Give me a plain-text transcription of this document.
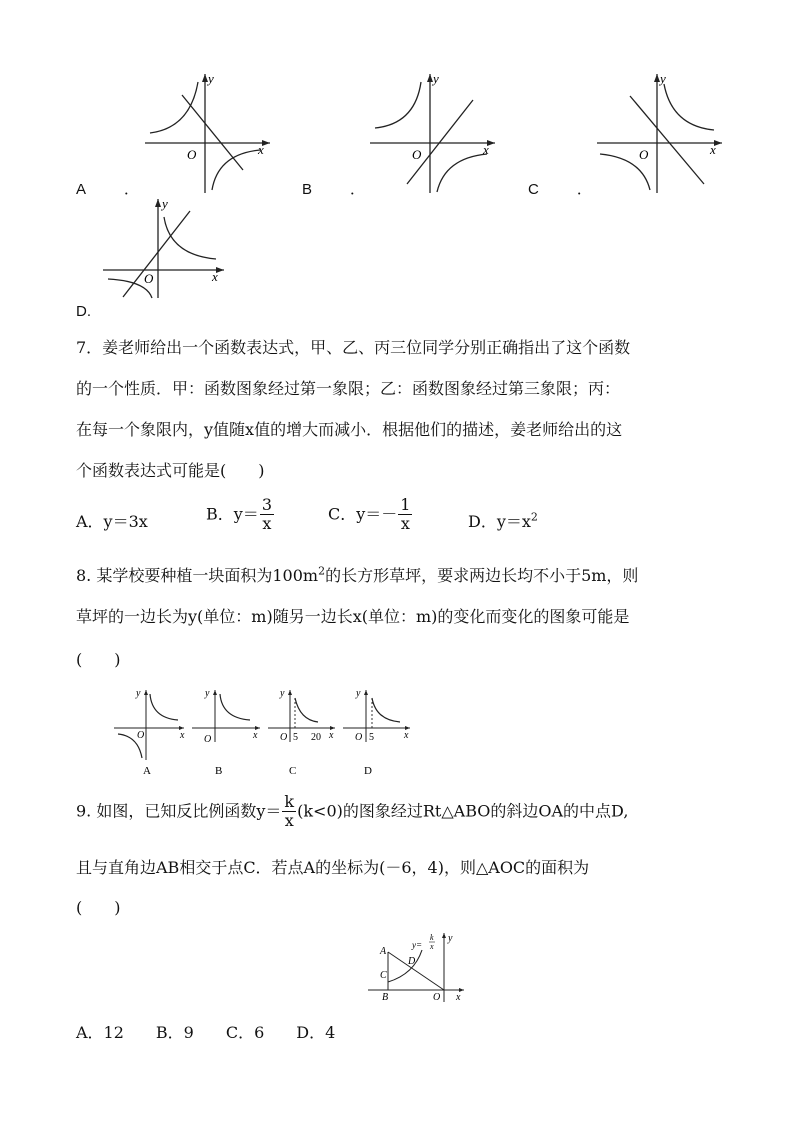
y
x
O
A	．
y
x
O
B	．
y
x
O
C	．
y
x
O
D.
7．姜老师给出一个函数表达式，甲、乙、丙三位同学分别正确指出了这个函数
的一个性质．甲：函数图象经过第一象限；乙：函数图象经过第三象限；丙：
在每一个象限内，y值随x值的增大而减小．根据他们的描述，姜老师给出的这
个函数表达式可能是(　　)
A．y＝3x	B．$y= \frac{3}{x}$	C．$y=- \frac{1}{x}$	D．$y=x^2$
8. 某学校要种植一块面积为$100m^2$的长方形草坪，要求两边长均不小于5m，则
草坪的一边长为y(单位：m)随另一边长x(单位：m)的变化而变化的图象可能是
(　　)
y
x
O
A
y
x
O
B
y
x
O 5 20
C
y
x
O 5
D
9. 如图，已知反比例函数$y= \frac{k}{x} (k<0)$的图象经过Rt△ABO的斜边OA的中点D,
且与直角边AB相交于点C．若点A的坐标为(－6，4)，则△AOC的面积为
(　　)
A
C
B
D
O
y
x
y=
k
x
A．12　　B．9　　C．6　　D．4
